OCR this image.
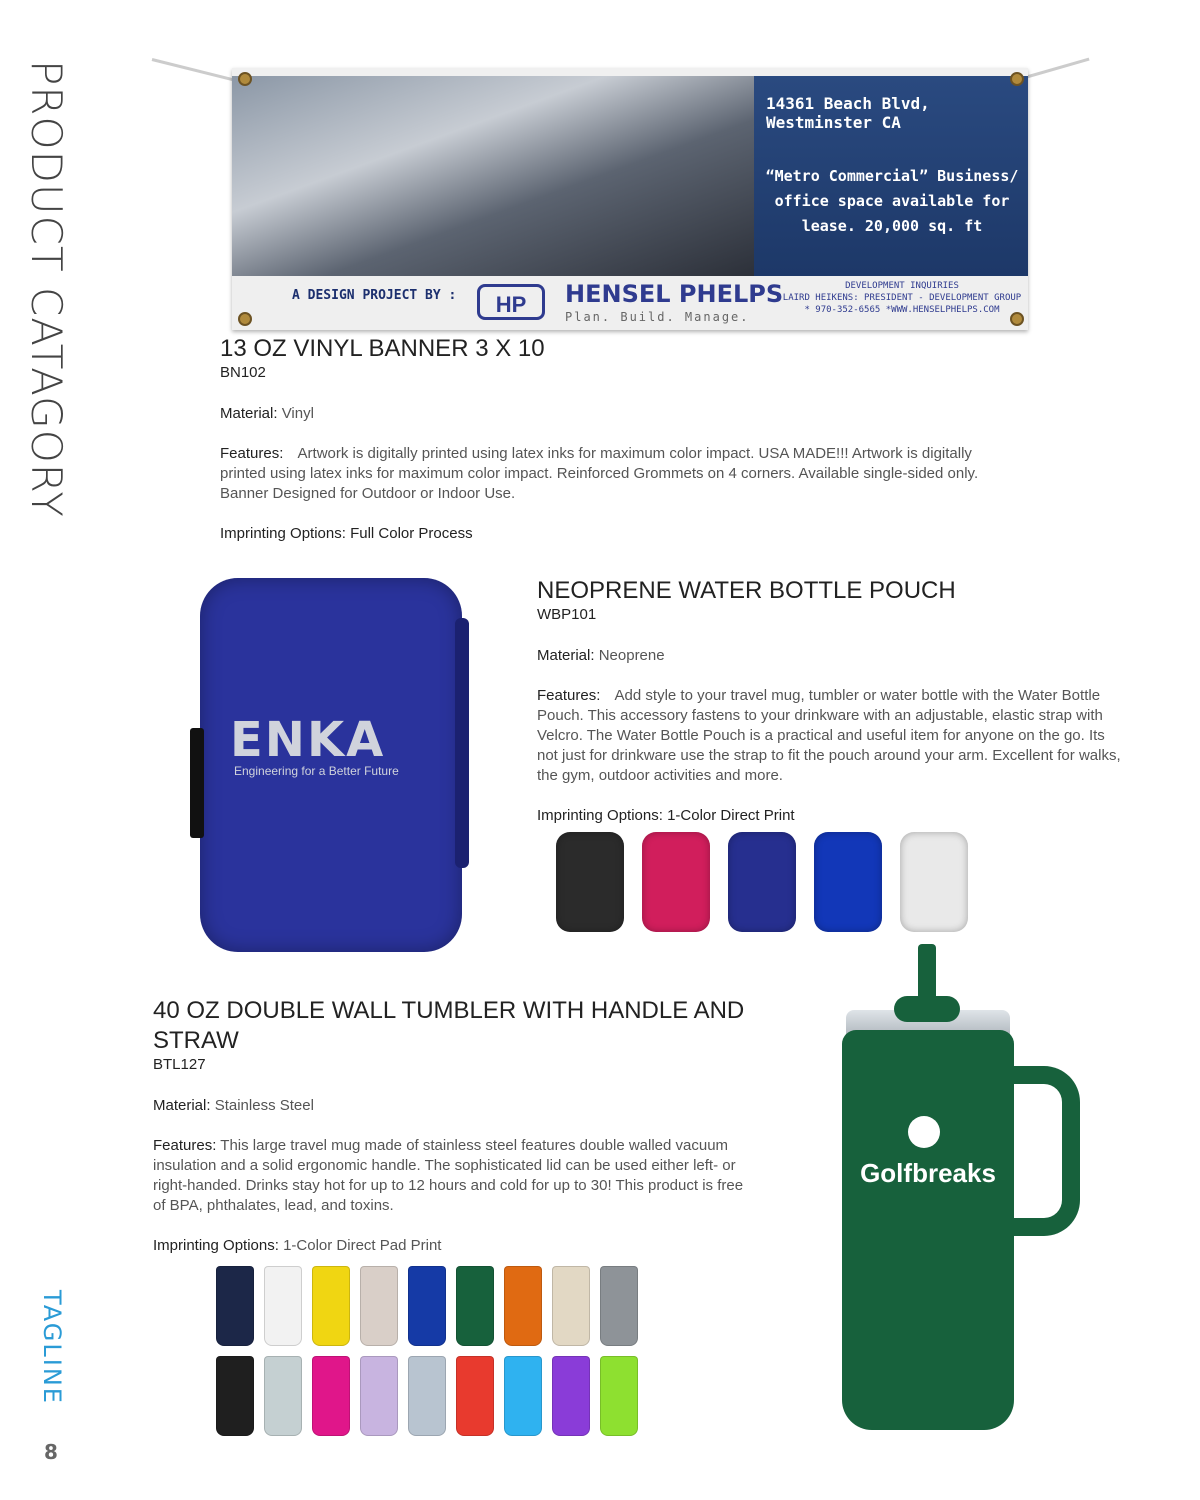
PRODUCT CATAGORY
TAGLINE
8
14361 Beach Blvd, Westminster CA
“Metro Commercial” Business/ office space available for lease. 20,000 sq. ft
A DESIGN PROJECT BY :	HP	HENSEL PHELPS
Plan. Build. Manage.
DEVELOPMENT INQUIRIES
LAIRD HEIKENS: PRESIDENT - DEVELOPMENT GROUP
* 970-352-6565 *WWW.HENSELPHELPS.COM
13 OZ VINYL BANNER 3 X 10
BN102
Material: Vinyl
Features: Artwork is digitally printed using latex inks for maximum color impact. USA MADE!!! Artwork is digitally printed using latex inks for maximum color impact. Reinforced Grommets on 4 corners. Available single-sided only. Banner Designed for Outdoor or Indoor Use.
Imprinting Options: Full Color Process
ENKA
Engineering for a Better Future
NEOPRENE WATER BOTTLE POUCH
WBP101
Material: Neoprene
Features: Add style to your travel mug, tumbler or water bottle with the Water Bottle Pouch. This accessory fastens to your drinkware with an adjustable, elastic strap with Velcro. The Water Bottle Pouch is a practical and useful item for anyone on the go. Its not just for drinkware use the strap to fit the pouch around your arm. Excellent for walks, the gym, outdoor activities and more.
Imprinting Options: 1-Color Direct Print
40 OZ DOUBLE WALL TUMBLER WITH HANDLE AND STRAW
BTL127
Material: Stainless Steel
Features: This large travel mug made of stainless steel features double walled vacuum insulation and a solid ergonomic handle. The sophisticated lid can be used either left- or right-handed. Drinks stay hot for up to 12 hours and cold for up to 30! This product is free of BPA, phthalates, lead, and toxins.
Imprinting Options: 1-Color Direct Pad Print
Golfbreaks
